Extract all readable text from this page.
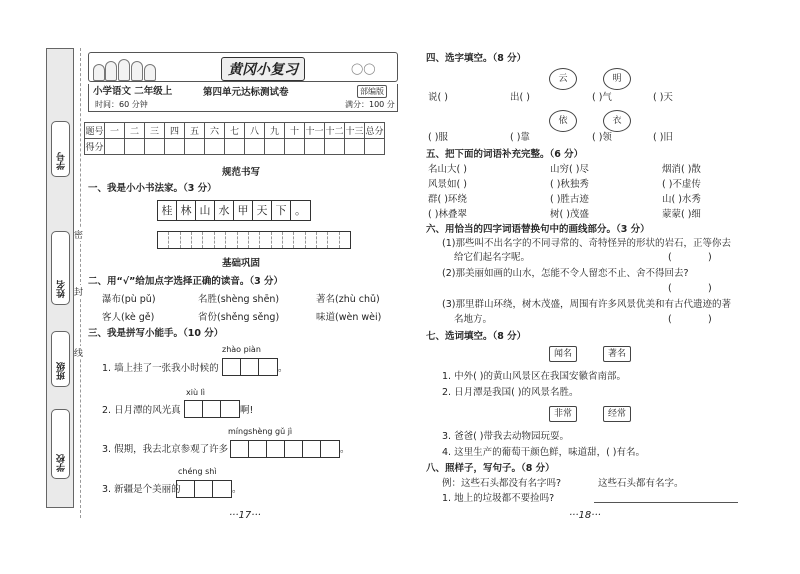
学号
姓名
班级
学校
密
封
线
黄冈小复习	◯◯
小学语文 二年级上	第四单元达标测试卷	部编版
时间：60 分钟	满分：100 分
题号	一	二	三	四	五	六	七	八	九	十	十一	十二	十三	总分
得分														
规范书写
一、我是小小书法家。（3 分）
桂 林 山 水 甲 天 下 。
基础巩固
二、用“√”给加点字选择正确的读音。（3 分）
瀑布(pù pǔ)	名胜(shèng shēn)	著名(zhù chǔ)
客人(kè gě)	省份(shěng sěng)	味道(wèn wèi)
三、我是拼写小能手。（10 分）
zhào piàn
1. 墙上挂了一张我小时候的	。
xiù lì
2. 日月潭的风光真	啊!
míngshèng gǔ jì
3. 假期，我去北京参观了许多	。
chéng shì
3. 新疆是个美丽的	。
···17···
四、选字填空。（8 分）
云	明
说( )	出( )	( )气	( )天
依	衣
( )服	( )靠	( )领	( )旧
五、把下面的词语补充完整。（6 分）
名山大( )	山穷( )尽	烟消( )散
风景如( )	( )秋独秀	( )不虚传
群( )环绕	( )胜古迹	山( )水秀
( )林叠翠	树( )茂盛	蒙蒙( )细
六、用恰当的四字词语替换句中的画线部分。（3 分）
(1)那些叫不出名字的不同寻常的、奇特怪异的形状的岩石，正等你去
给它们起名字呢。	(            )
(2)那美丽如画的山水，怎能不令人留恋不止、舍不得回去?
(            )
(3)那里群山环绕，树木茂盛，周围有许多风景优美和有古代遗迹的著
名地方。	(            )
七、选词填空。（8 分）
闻名	著名
1. 中外( )的黄山风景区在我国安徽省南部。
2. 日月潭是我国( )的风景名胜。
非常	经常
3. 爸爸( )带我去动物园玩耍。
4. 这里生产的葡萄干颜色鲜，味道甜，( )有名。
八、照样子，写句子。（8 分）
例：这些石头都没有名字吗?	这些石头都有名字。
1. 地上的垃圾都不要捡吗?
···18···
